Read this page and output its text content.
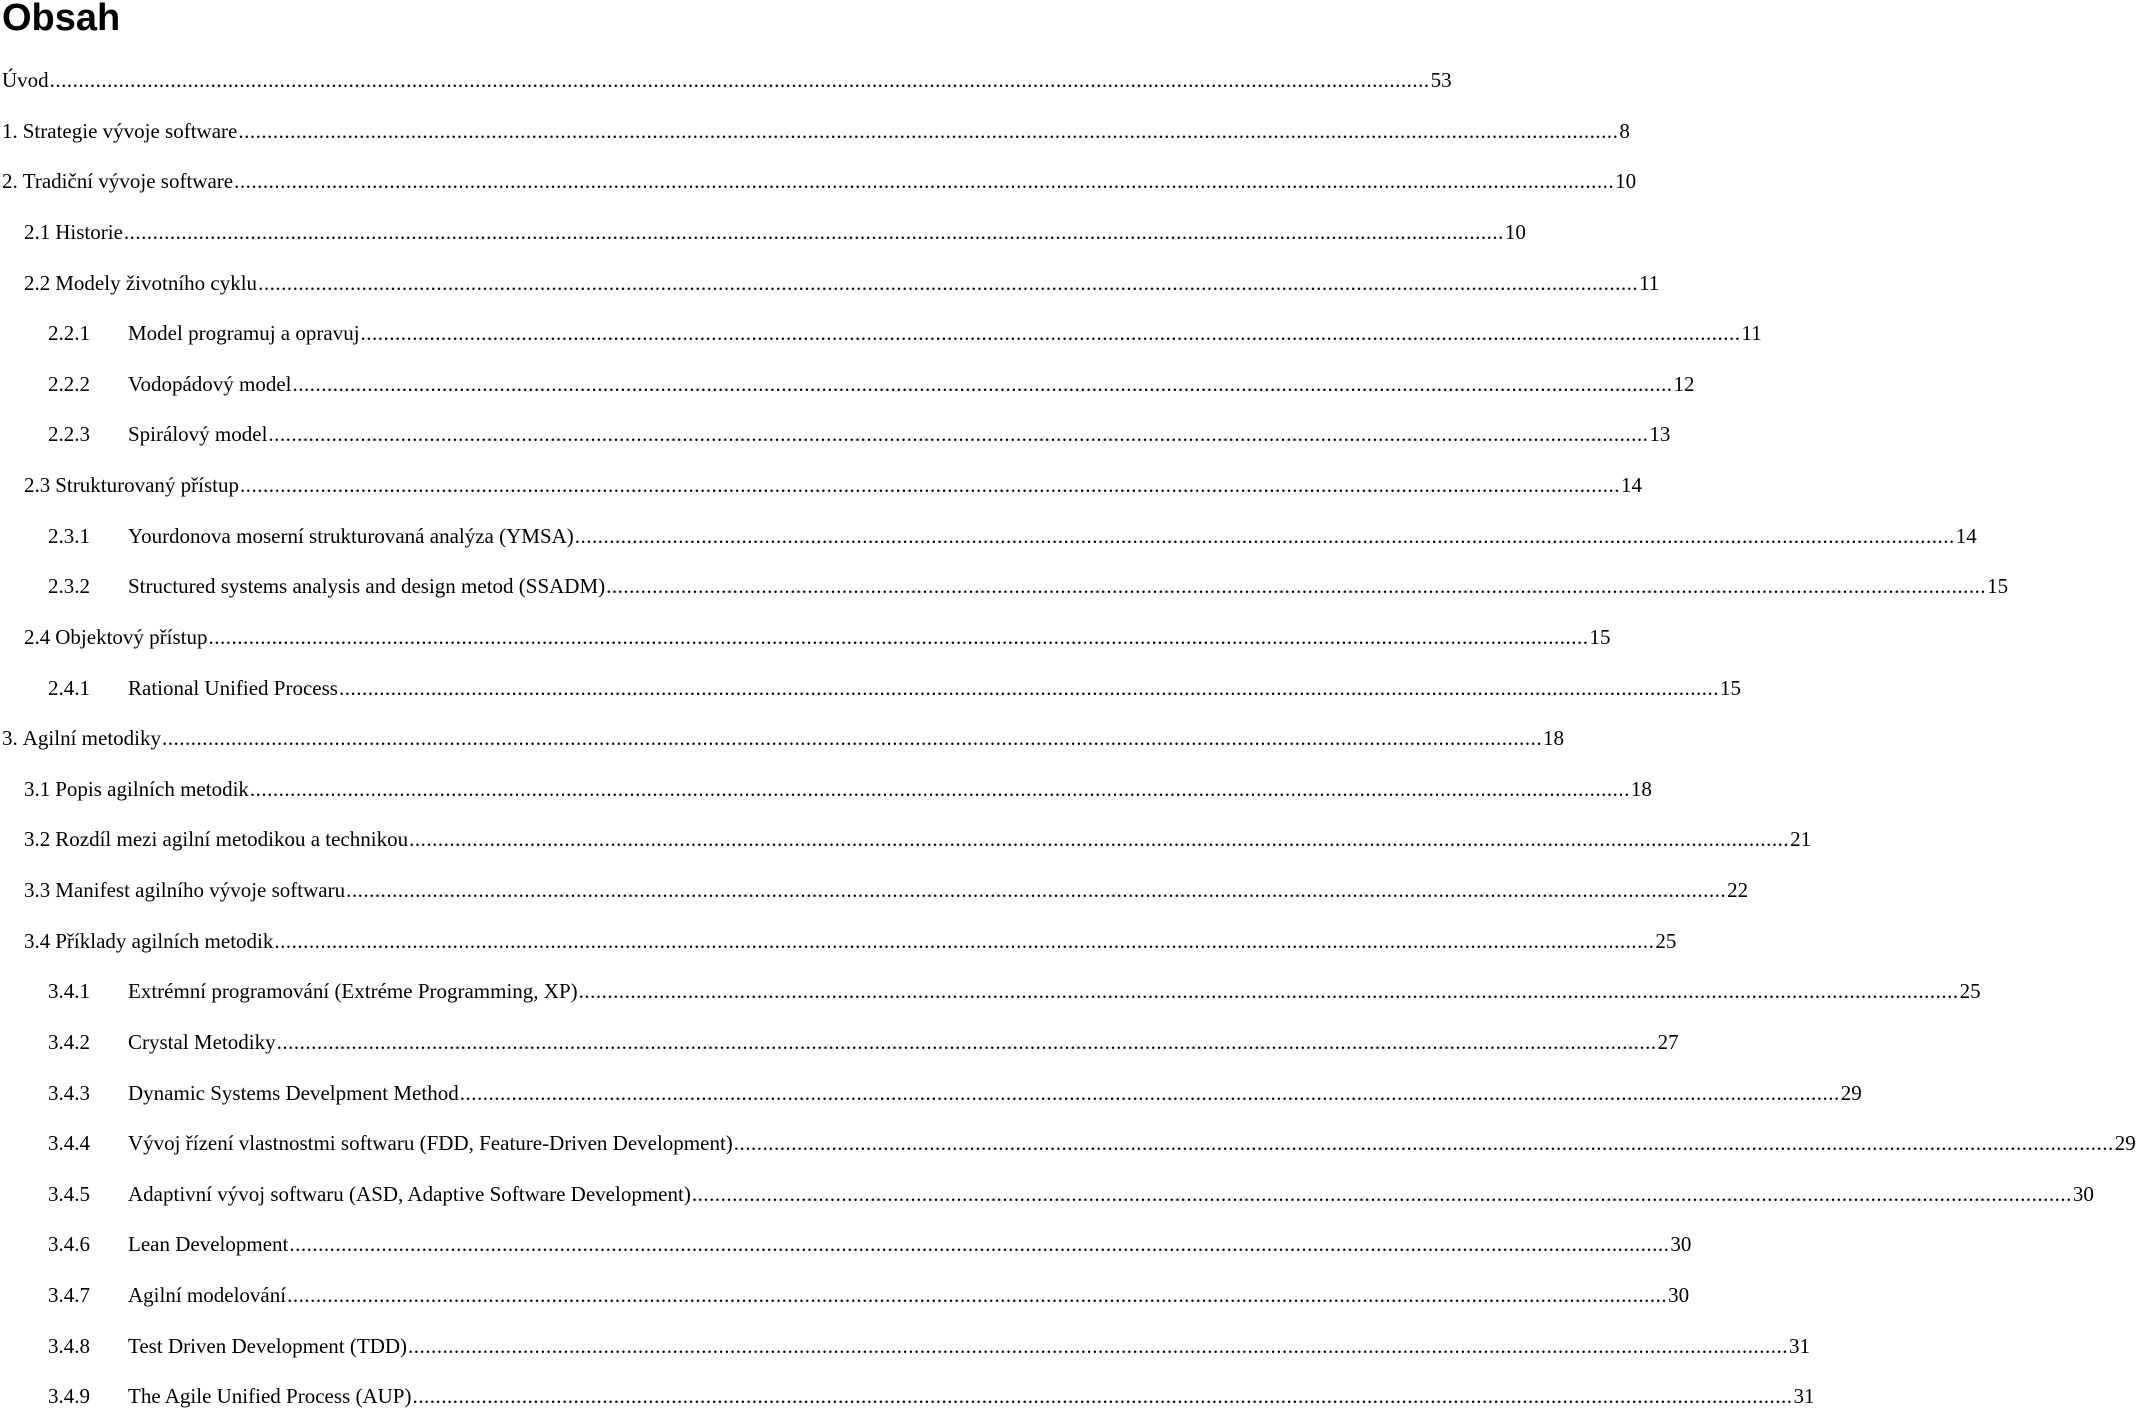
Obsah
Úvod .....	53
1. Strategie vývoje software .....	8
2. Tradiční vývoje software .....	10
2.1 Historie .....	10
2.2 Modely životního cyklu .....	11
2.2.1	Model programuj a opravuj .....	11
2.2.2	Vodopádový model .....	12
2.2.3	Spirálový model .....	13
2.3 Strukturovaný přístup .....	14
2.3.1	Yourdonova moserní strukturovaná analýza (YMSA) .....	14
2.3.2	Structured systems analysis and design metod (SSADM) .....	15
2.4 Objektový přístup .....	15
2.4.1	Rational Unified Process .....	15
3. Agilní metodiky .....	18
3.1 Popis agilních metodik .....	18
3.2 Rozdíl mezi agilní metodikou a technikou .....	21
3.3 Manifest agilního vývoje softwaru .....	22
3.4 Příklady agilních metodik .....	25
3.4.1	Extrémní programování (Extréme Programming, XP) .....	25
3.4.2	Crystal Metodiky .....	27
3.4.3	Dynamic Systems Develpment Method .....	29
3.4.4	Vývoj řízení vlastnostmi softwaru (FDD, Feature-Driven Development) .....	29
3.4.5	Adaptivní vývoj softwaru (ASD, Adaptive Software Development) .....	30
3.4.6	Lean Development .....	30
3.4.7	Agilní modelování .....	30
3.4.8	Test Driven Development (TDD) .....	31
3.4.9	The Agile Unified Process (AUP) .....	31
